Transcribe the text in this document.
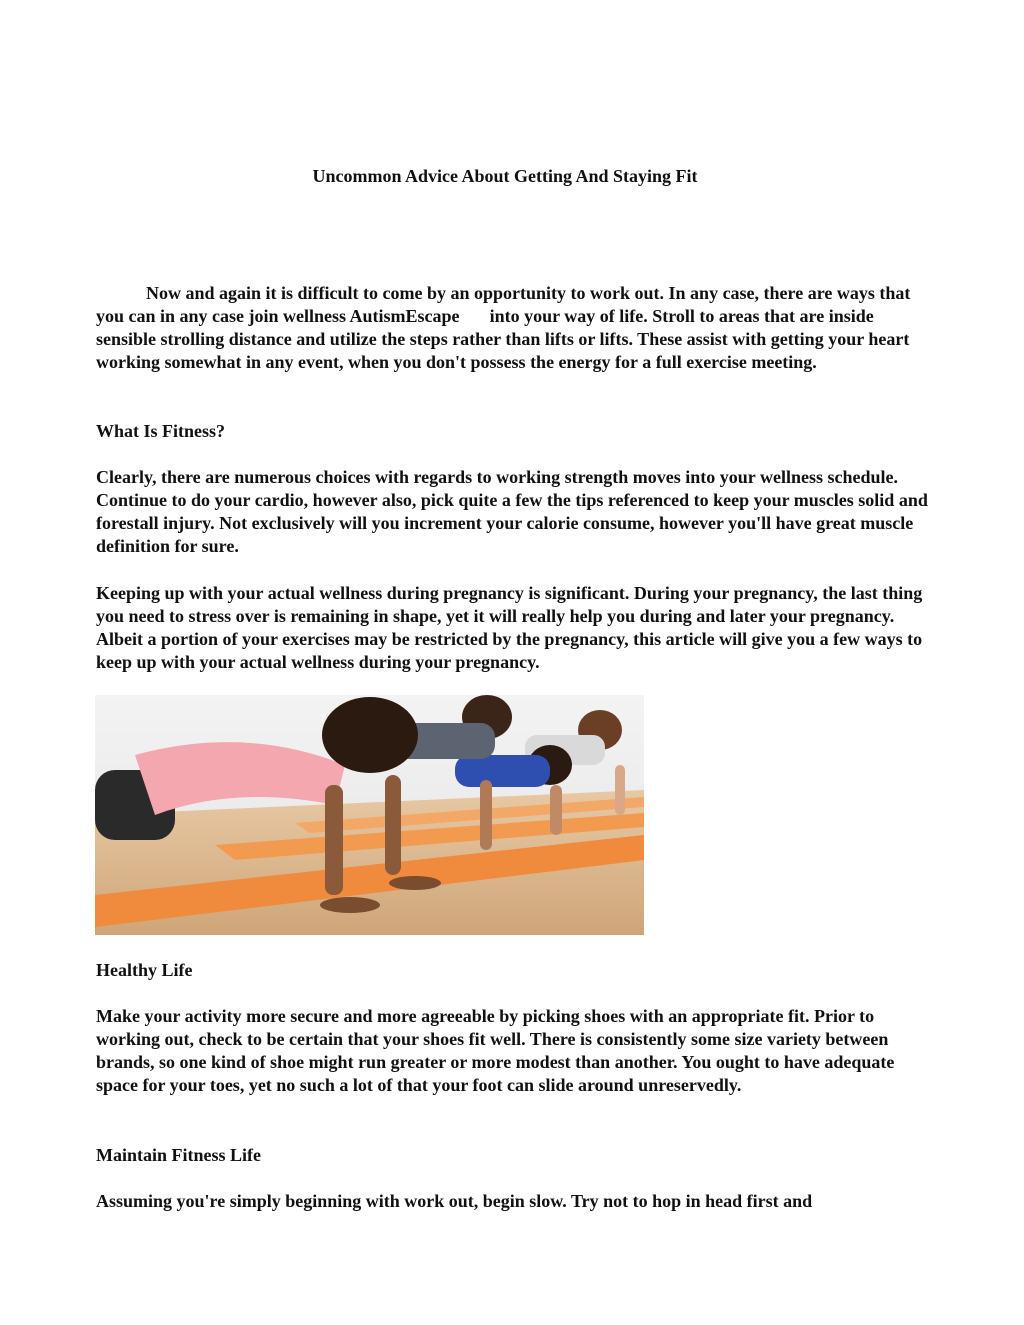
Uncommon Advice About Getting And Staying Fit

Now and again it is difficult to come by an opportunity to work out. In any case, there are ways that you can in any case join wellness AutismEscape into your way of life. Stroll to areas that are inside sensible strolling distance and utilize the steps rather than lifts or lifts. These assist with getting your heart working somewhat in any event, when you don't possess the energy for a full exercise meeting.

What Is Fitness?

Clearly, there are numerous choices with regards to working strength moves into your wellness schedule. Continue to do your cardio, however also, pick quite a few the tips referenced to keep your muscles solid and forestall injury. Not exclusively will you increment your calorie consume, however you'll have great muscle definition for sure.

Keeping up with your actual wellness during pregnancy is significant. During your pregnancy, the last thing you need to stress over is remaining in shape, yet it will really help you during and later your pregnancy. Albeit a portion of your exercises may be restricted by the pregnancy, this article will give you a few ways to keep up with your actual wellness during your pregnancy.

Healthy Life

Make your activity more secure and more agreeable by picking shoes with an appropriate fit. Prior to working out, check to be certain that your shoes fit well. There is consistently some size variety between brands, so one kind of shoe might run greater or more modest than another. You ought to have adequate space for your toes, yet no such a lot of that your foot can slide around unreservedly.

Maintain Fitness Life

Assuming you're simply beginning with work out, begin slow. Try not to hop in head first and
